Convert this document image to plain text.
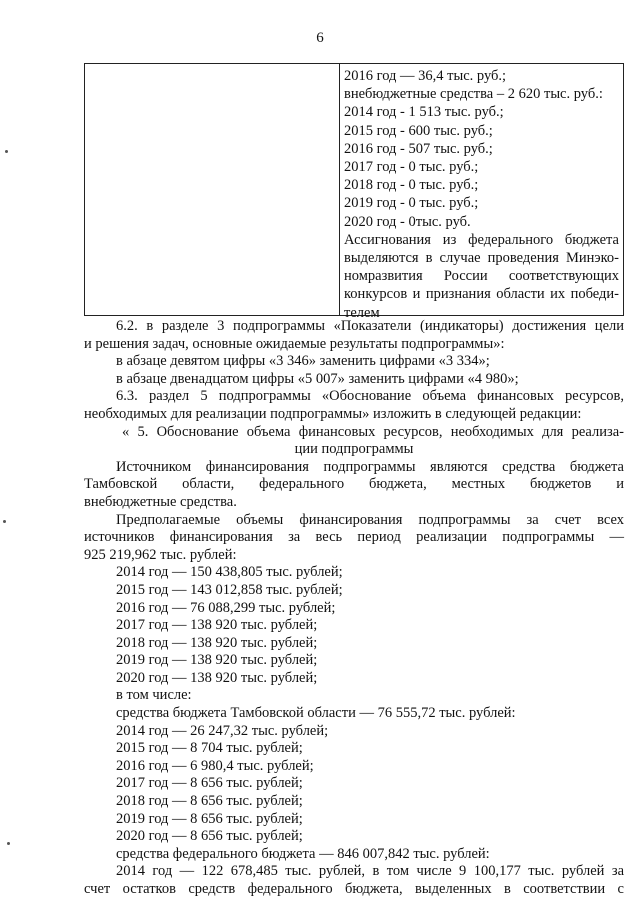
6
2016 год — 36,4 тыс. руб.;
внебюджетные средства – 2 620 тыс. руб.:
2014 год - 1 513 тыс. руб.;
2015 год - 600 тыс. руб.;
2016 год - 507 тыс. руб.;
2017 год - 0 тыс. руб.;
2018 год - 0 тыс. руб.;
2019 год - 0 тыс. руб.;
2020 год - 0тыс. руб.
Ассигнования из федерального бюджета
выделяются в случае проведения Минэко-
номразвития России соответствующих
конкурсов и признания области их победи-
телем
6.2. в разделе 3 подпрограммы «Показатели (индикаторы) достижения цели
и решения задач, основные ожидаемые результаты подпрограммы»:
в абзаце девятом цифры «3 346» заменить цифрами «3 334»;
в абзаце двенадцатом цифры «5 007» заменить цифрами «4 980»;
6.3. раздел 5 подпрограммы «Обоснование объема финансовых ресурсов,
необходимых для реализации подпрограммы» изложить в следующей редакции:
« 5. Обоснование объема финансовых ресурсов, необходимых для реализа-
ции подпрограммы
Источником финансирования подпрограммы являются средства бюджета
Тамбовской области, федерального бюджета, местных бюджетов и
внебюджетные средства.
Предполагаемые объемы финансирования подпрограммы за счет всех
источников финансирования за весь период реализации подпрограммы —
925 219,962 тыс. рублей:
2014 год — 150 438,805 тыс. рублей;
2015 год — 143 012,858 тыс. рублей;
2016 год — 76 088,299 тыс. рублей;
2017 год — 138 920 тыс. рублей;
2018 год — 138 920 тыс. рублей;
2019 год — 138 920 тыс. рублей;
2020 год — 138 920 тыс. рублей;
в том числе:
средства бюджета Тамбовской области — 76 555,72 тыс. рублей:
2014 год — 26 247,32 тыс. рублей;
2015 год — 8 704 тыс. рублей;
2016 год — 6 980,4 тыс. рублей;
2017 год — 8 656 тыс. рублей;
2018 год — 8 656 тыс. рублей;
2019 год — 8 656 тыс. рублей;
2020 год — 8 656 тыс. рублей;
средства федерального бюджета — 846 007,842 тыс. рублей:
2014 год — 122 678,485 тыс. рублей, в том числе 9 100,177 тыс. рублей за
счет остатков средств федерального бюджета, выделенных в соответствии с
